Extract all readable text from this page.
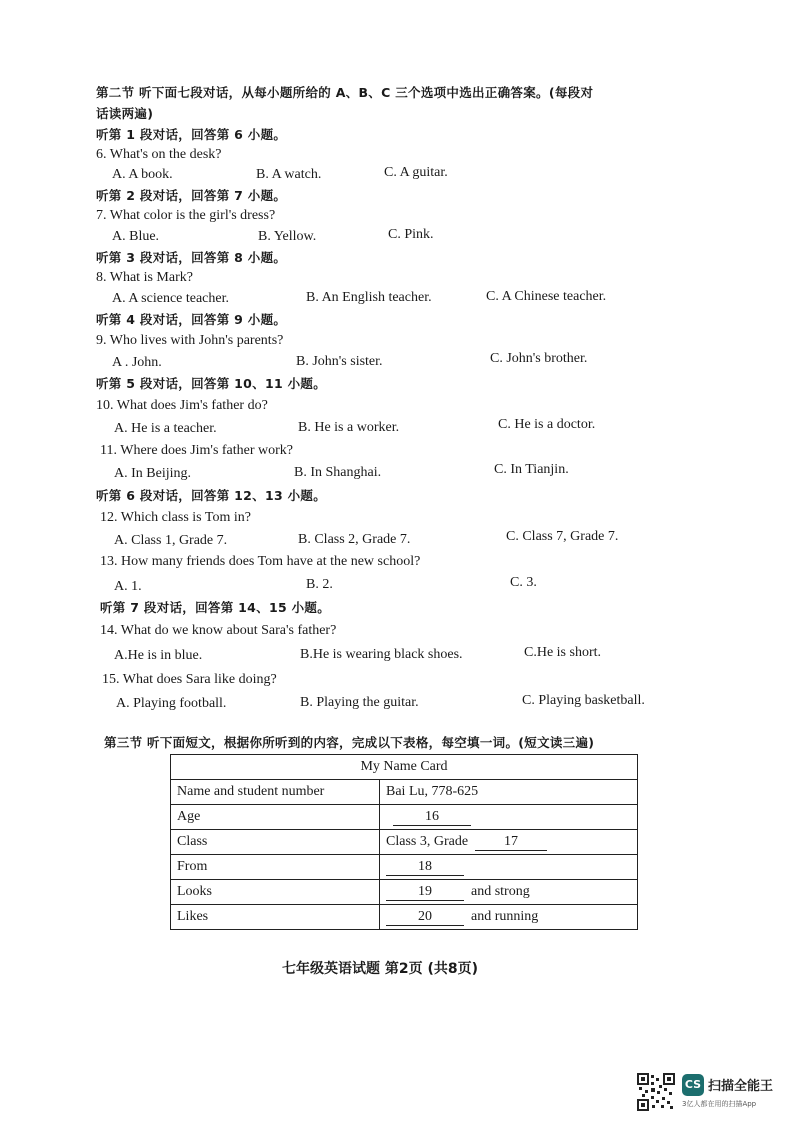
第二节 听下面七段对话，从每小题所给的 A、B、C 三个选项中选出正确答案。(每段对
话读两遍)
听第 1 段对话，回答第 6 小题。
6. What's on the desk?
A. A book.	B. A watch.	C. A guitar.
听第 2 段对话，回答第 7 小题。
7. What color is the girl's dress?
A. Blue.	B. Yellow.	C. Pink.
听第 3 段对话，回答第 8 小题。
8. What is Mark?
A. A science teacher.	B. An English teacher.	C. A Chinese teacher.
听第 4 段对话，回答第 9 小题。
9. Who lives with John's parents?
A . John.	B. John's sister.	C. John's brother.
听第 5 段对话，回答第 10、11 小题。
10. What does Jim's father do?
A. He is a teacher.	B. He is a worker.	C. He is a doctor.
11. Where does Jim's father work?
A. In Beijing.	B. In Shanghai.	C. In Tianjin.
听第 6 段对话，回答第 12、13 小题。
12. Which class is Tom in?
A. Class 1, Grade 7.	B. Class 2, Grade 7.	C. Class 7, Grade 7.
13. How many friends does Tom have at the new school?
A. 1.	B. 2.	C. 3.
听第 7 段对话，回答第 14、15 小题。
14. What do we know about Sara's father?
A.He is in blue.	B.He is wearing black shoes.	C.He is short.
15. What does Sara like doing?
A. Playing football.	B. Playing the guitar.	C. Playing basketball.
第三节 听下面短文，根据你所听到的内容，完成以下表格，每空填一词。(短文读三遍)
My Name Card	
Name and student number	Bai Lu, 778-625
Age	16
Class	Class 3, Grade 17
From	18
Looks	19 and strong
Likes	20 and running
七年级英语试题 第2页 (共8页)
CS 扫描全能王
3亿人都在用的扫描App
